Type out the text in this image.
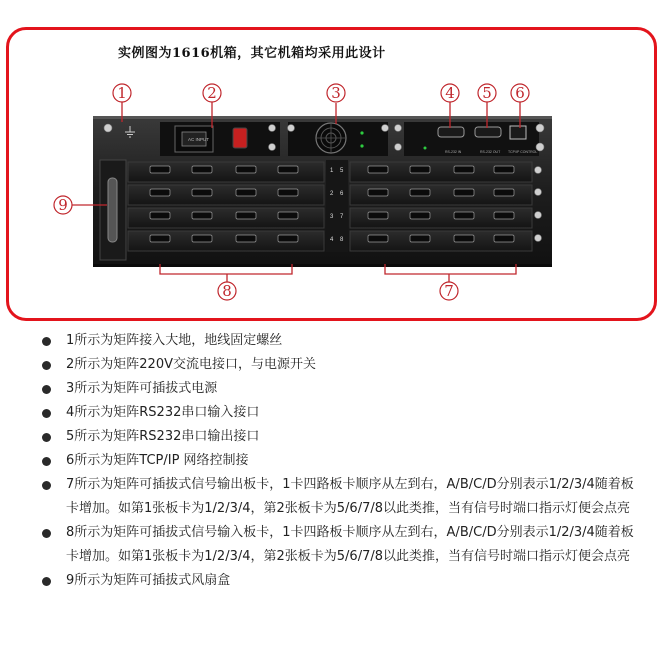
实例图为1616机箱，其它机箱均采用此设计
AC INPUT
RS-232 IN	RS-232 OUT TCP/IP CONTROL
1
2
3
4
5
6
7
8
1	2	3	4 5 6
7
8
9
1所示为矩阵接入大地，地线固定螺丝
2所示为矩阵220V交流电接口，与电源开关
3所示为矩阵可插拔式电源
4所示为矩阵RS232串口输入接口
5所示为矩阵RS232串口输出接口
6所示为矩阵TCP/IP 网络控制接
7所示为矩阵可插拔式信号输出板卡，1卡四路板卡顺序从左到右，A/B/C/D分别表示1/2/3/4随着板卡增加。如第1张板卡为1/2/3/4，第2张板卡为5/6/7/8以此类推，当有信号时端口指示灯便会点亮
8所示为矩阵可插拔式信号输入板卡，1卡四路板卡顺序从左到右，A/B/C/D分别表示1/2/3/4随着板卡增加。如第1张板卡为1/2/3/4，第2张板卡为5/6/7/8以此类推，当有信号时端口指示灯便会点亮
9所示为矩阵可插拔式风扇盒
